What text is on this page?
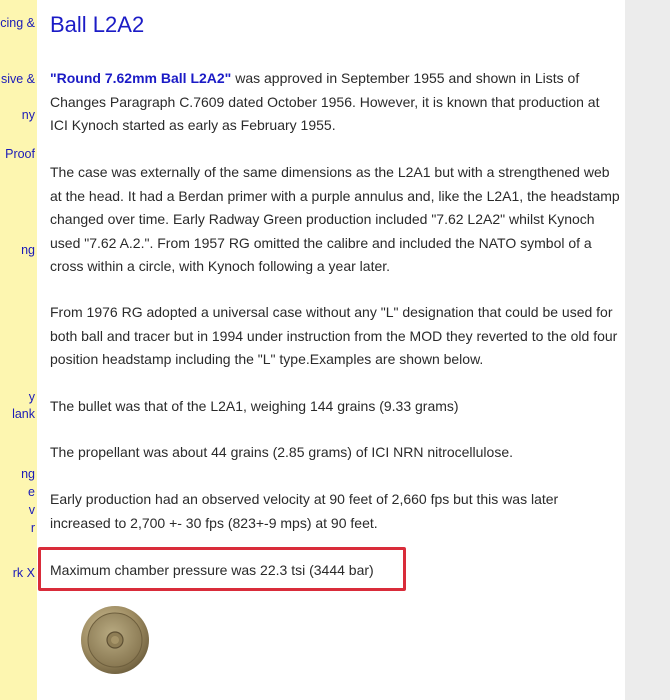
cing &
sive &
ny
Proof
ng
y
lank
ng
e
v
r
rk X
Ball L2A2

"Round 7.62mm Ball L2A2" was approved in September 1955 and shown in Lists of Changes Paragraph C.7609 dated October 1956. However, it is known that production at ICI Kynoch started as early as February 1955.

The case was externally of the same dimensions as the L2A1 but with a strengthened web at the head. It had a Berdan primer with a purple annulus and, like the L2A1, the headstamp changed over time. Early Radway Green production included "7.62 L2A2" whilst Kynoch used "7.62 A.2.". From 1957 RG omitted the calibre and included the NATO symbol of a cross within a circle, with Kynoch following a year later.

From 1976 RG adopted a universal case without any "L" designation that could be used for both ball and tracer but in 1994 under instruction from the MOD they reverted to the old four position headstamp including the "L" type.Examples are shown below.

The bullet was that of the L2A1, weighing 144 grains (9.33 grams)

The propellant was about 44 grains (2.85 grams) of ICI NRN nitrocellulose.

Early production had an observed velocity at 90 feet of 2,660 fps but this was later increased to 2,700 +- 30 fps (823+-9 mps) at 90 feet.

Maximum chamber pressure was 22.3 tsi (3444 bar)
